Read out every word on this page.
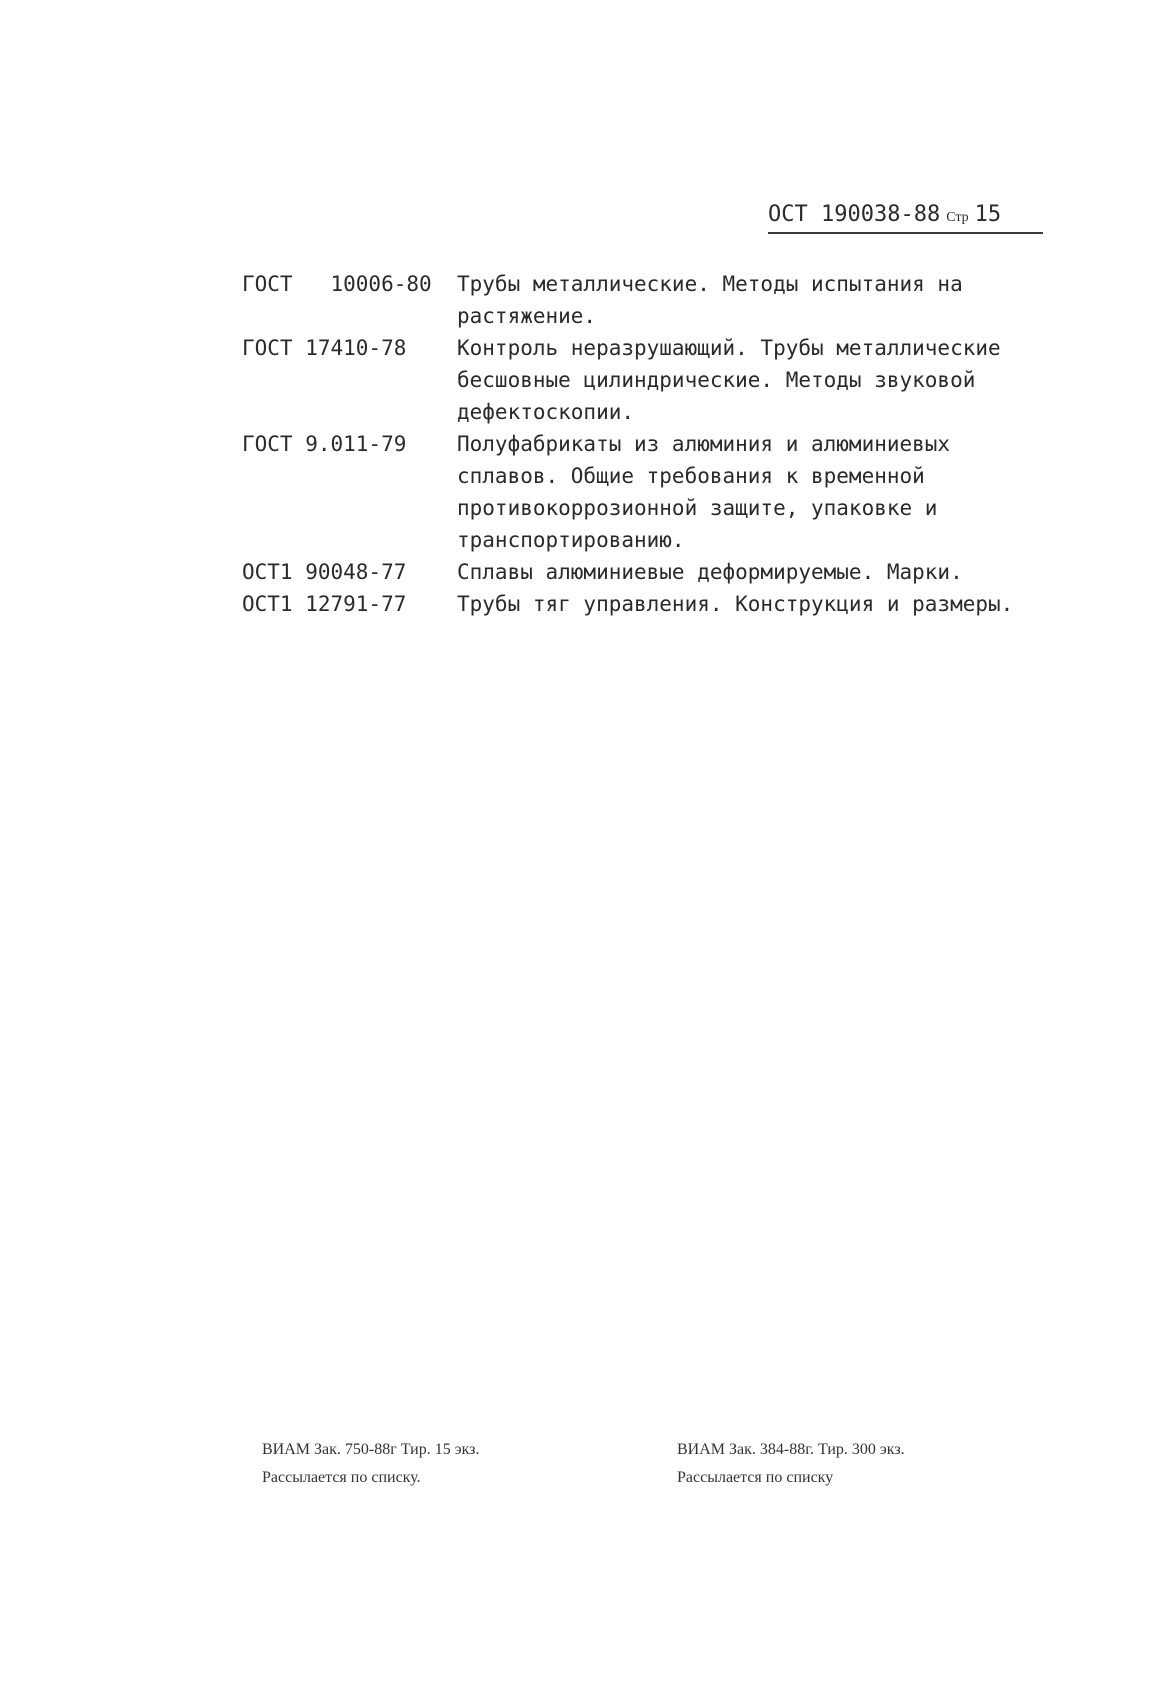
ОСТ 190038-88 Стр 15
ГОСТ   10006-80	Трубы металлические. Методы испытания на растяжение.
ГОСТ 17410-78	Контроль неразрушающий. Трубы металлические бесшовные цилиндрические. Методы звуковой дефектоскопии.
ГОСТ 9.011-79	Полуфабрикаты из алюминия и алюминиевых сплавов. Общие требования к временной противокоррозионной защите, упаковке и транспортированию.
ОСТ1 90048-77	Сплавы алюминиевые деформируемые. Марки.
ОСТ1 12791-77	Трубы тяг управления. Конструкция и размеры.
ВИАМ Зак. 750-88г Тир. 15 экз.
Рассылается по списку.
ВИАМ Зак. 384-88г. Тир. 300 экз.
Рассылается по списку
